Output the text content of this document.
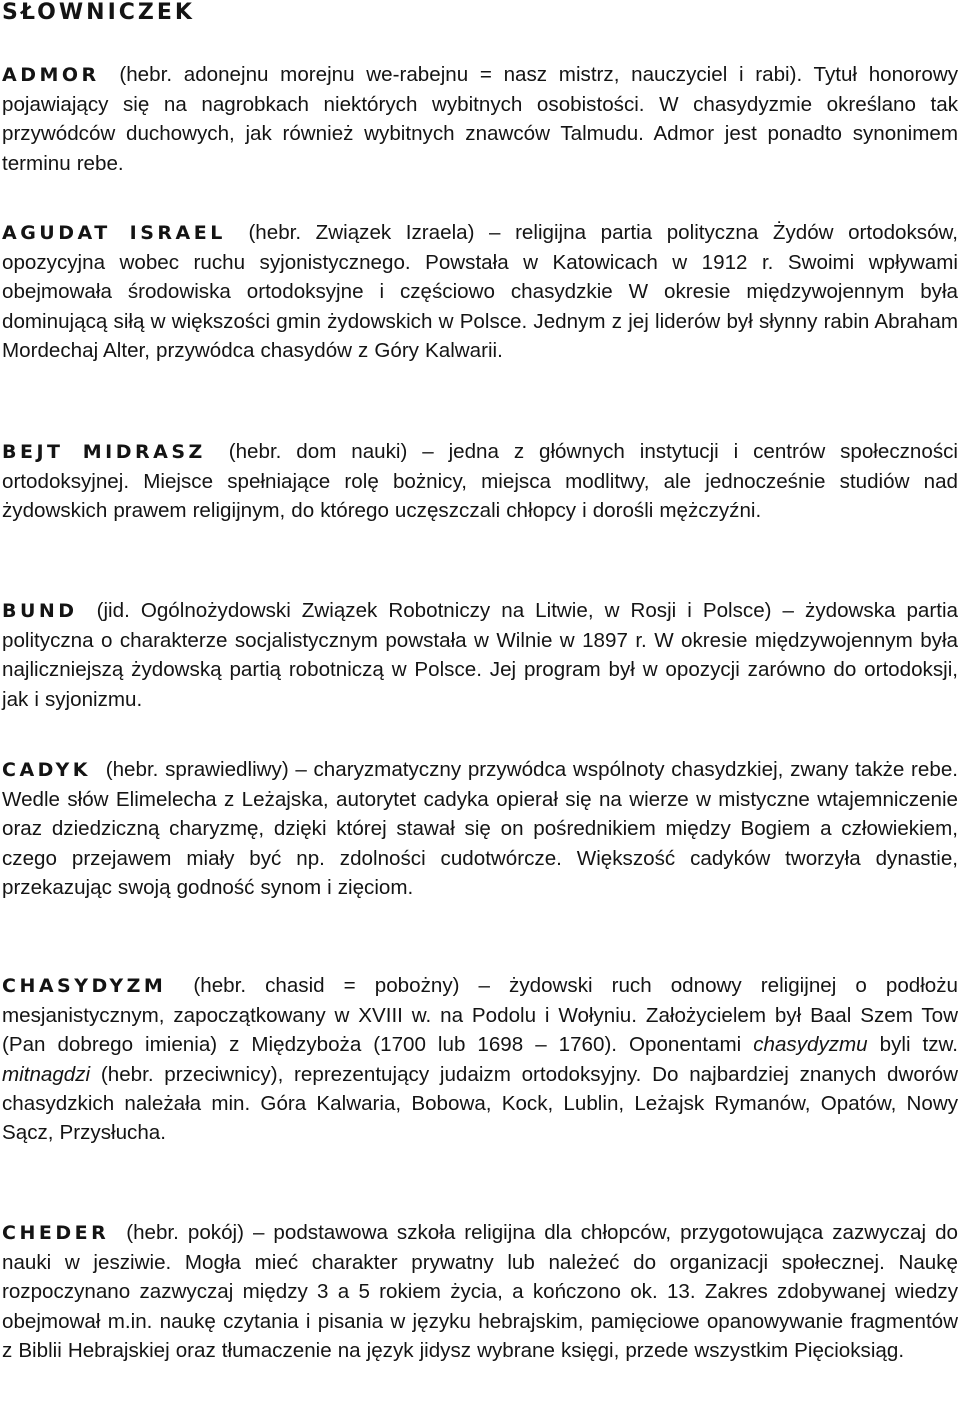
SŁOWNICZEK

ADMOR (hebr. adonejnu morejnu we-rabejnu = nasz mistrz, nauczyciel i rabi). Tytuł honorowy pojawiający się na nagrobkach niektórych wybitnych osobistości. W chasydyzmie określano tak przywódców duchowych, jak również wybitnych znawców Talmudu. Admor jest ponadto synonimem terminu rebe.

AGUDAT ISRAEL (hebr. Związek Izraela) – religijna partia polityczna Żydów ortodoksów, opozycyjna wobec ruchu syjonistycznego. Powstała w Katowicach w 1912 r. Swoimi wpływami obejmowała środowiska ortodoksyjne i częściowo chasydzkie W okresie międzywojennym była dominującą siłą w większości gmin żydowskich w Polsce. Jednym z jej liderów był słynny rabin Abraham Mordechaj Alter, przywódca chasydów z Góry Kalwarii.

BEJT MIDRASZ (hebr. dom nauki) – jedna z głównych instytucji i centrów społeczności ortodoksyjnej. Miejsce spełniające rolę bożnicy, miejsca modlitwy, ale jednocześnie studiów nad żydowskich prawem religijnym, do którego uczęszczali chłopcy i dorośli mężczyźni.

BUND (jid. Ogólnożydowski Związek Robotniczy na Litwie, w Rosji i Polsce) – żydowska partia polityczna o charakterze socjalistycznym powstała w Wilnie w 1897 r. W okresie międzywojennym była najliczniejszą żydowską partią robotniczą w Polsce. Jej program był w opozycji zarówno do ortodoksji, jak i syjonizmu.

CADYK (hebr. sprawiedliwy) – charyzmatyczny przywódca wspólnoty chasydzkiej, zwany także rebe. Wedle słów Elimelecha z Leżajska, autorytet cadyka opierał się na wierze w mistyczne wtajemniczenie oraz dziedziczną charyzmę, dzięki której stawał się on pośrednikiem między Bogiem a człowiekiem, czego przejawem miały być np. zdolności cudotwórcze. Większość cadyków tworzyła dynastie, przekazując swoją godność synom i zięciom.

CHASYDYZM (hebr. chasid = pobożny) – żydowski ruch odnowy religijnej o podłożu mesjanistycznym, zapoczątkowany w XVIII w. na Podolu i Wołyniu. Założycielem był Baal Szem Tow (Pan dobrego imienia) z Międzyboża (1700 lub 1698 – 1760). Oponentami chasydyzmu byli tzw. mitnagdzi (hebr. przeciwnicy), reprezentujący judaizm ortodoksyjny. Do najbardziej znanych dworów chasydzkich należała min. Góra Kalwaria, Bobowa, Kock, Lublin, Leżajsk Rymanów, Opatów, Nowy Sącz, Przysłucha.

CHEDER (hebr. pokój) – podstawowa szkoła religijna dla chłopców, przygotowująca zazwyczaj do nauki w jesziwie. Mogła mieć charakter prywatny lub należeć do organizacji społecznej. Naukę rozpoczynano zazwyczaj między 3 a 5 rokiem życia, a kończono ok. 13. Zakres zdobywanej wiedzy obejmował m.in. naukę czytania i pisania w języku hebrajskim, pamięciowe opanowywanie fragmentów z Biblii Hebrajskiej oraz tłumaczenie na język jidysz wybrane księgi, przede wszystkim Pięcioksiąg.
